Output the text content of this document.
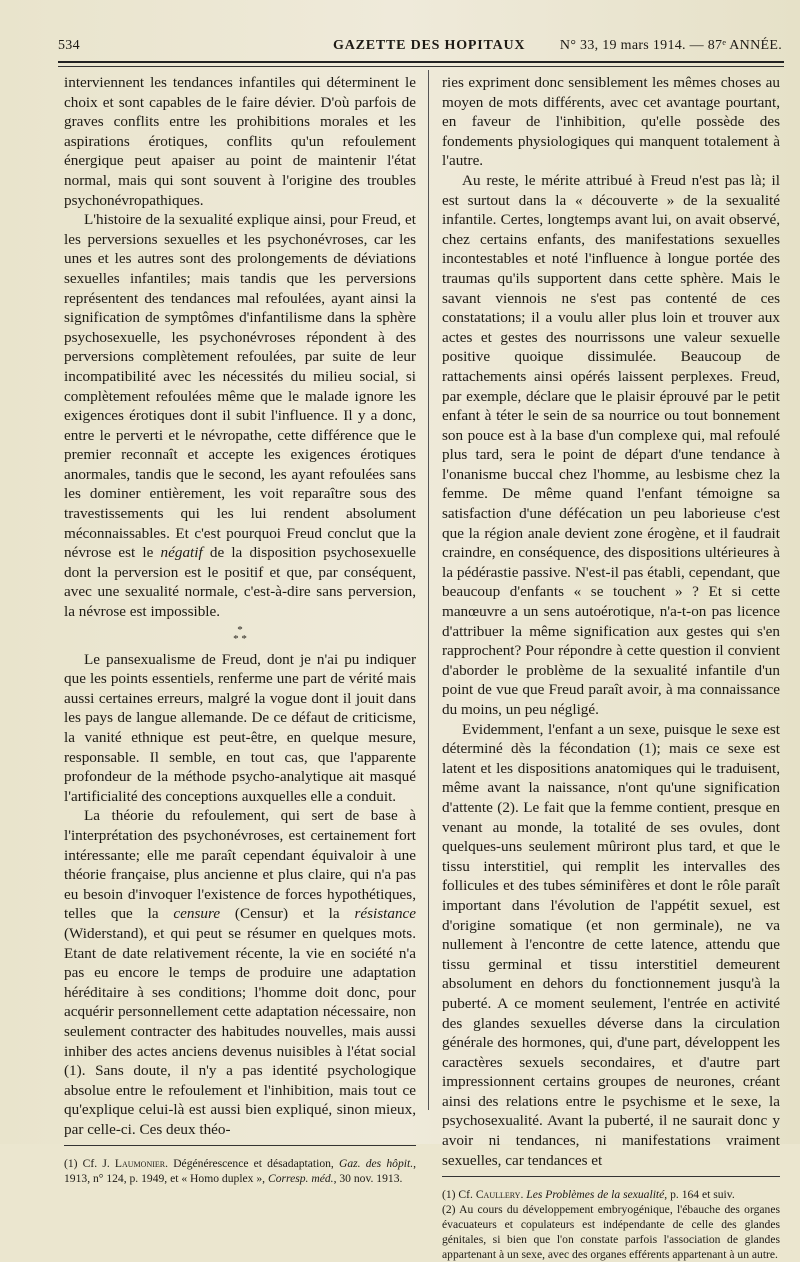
534	GAZETTE DES HOPITAUX N° 33, 19 mars 1914. — 87ᵉ ANNÉE.

interviennent les tendances infantiles qui déterminent le choix et sont capables de le faire dévier. D'où parfois de graves conflits entre les prohibitions morales et les aspirations érotiques, conflits qu'un refoulement énergique peut apaiser au point de maintenir l'état normal, mais qui sont souvent à l'origine des troubles psychonévropathiques.

L'histoire de la sexualité explique ainsi, pour Freud, et les perversions sexuelles et les psychonévroses, car les unes et les autres sont des prolongements de déviations sexuelles infantiles; mais tandis que les perversions représentent des tendances mal refoulées, ayant ainsi la signification de symptômes d'infantilisme dans la sphère psychosexuelle, les psychonévroses répondent à des perversions complètement refoulées, par suite de leur incompatibilité avec les nécessités du milieu social, si complètement refoulées même que le malade ignore les exigences érotiques dont il subit l'influence. Il y a donc, entre le perverti et le névropathe, cette différence que le premier reconnaît et accepte les exigences érotiques anormales, tandis que le second, les ayant refoulées sans les dominer entièrement, les voit reparaître sous des travestissements qui les lui rendent absolument méconnaissables. Et c'est pourquoi Freud conclut que la névrose est le négatif de la disposition psychosexuelle dont la perversion est le positif et que, par conséquent, avec une sexualité normale, c'est-à-dire sans perversion, la névrose est impossible.

*
* *

Le pansexualisme de Freud, dont je n'ai pu indiquer que les points essentiels, renferme une part de vérité mais aussi certaines erreurs, malgré la vogue dont il jouit dans les pays de langue allemande. De ce défaut de criticisme, la vanité ethnique est peut-être, en quelque mesure, responsable. Il semble, en tout cas, que l'apparente profondeur de la méthode psycho-analytique ait masqué l'artificialité des conceptions auxquelles elle a conduit.

La théorie du refoulement, qui sert de base à l'interprétation des psychonévroses, est certainement fort intéressante; elle me paraît cependant équivaloir à une théorie française, plus ancienne et plus claire, qui n'a pas eu besoin d'invoquer l'existence de forces hypothétiques, telles que la censure (Censur) et la résistance (Widerstand), et qui peut se résumer en quelques mots. Etant de date relativement récente, la vie en société n'a pas eu encore le temps de produire une adaptation héréditaire à ses conditions; l'homme doit donc, pour acquérir personnellement cette adaptation nécessaire, non seulement contracter des habitudes nouvelles, mais aussi inhiber des actes anciens devenus nuisibles à l'état social (1). Sans doute, il n'y a pas identité psychologique absolue entre le refoulement et l'inhibition, mais tout ce qu'explique celui-là est aussi bien expliqué, sinon mieux, par celle-ci. Ces deux théo-

(1) Cf. J. Laumonier. Dégénérescence et désadaptation, Gaz. des hôpit., 1913, n° 124, p. 1949, et « Homo duplex », Corresp. méd., 30 nov. 1913.

ries expriment donc sensiblement les mêmes choses au moyen de mots différents, avec cet avantage pourtant, en faveur de l'inhibition, qu'elle possède des fondements physiologiques qui manquent totalement à l'autre.

Au reste, le mérite attribué à Freud n'est pas là; il est surtout dans la « découverte » de la sexualité infantile. Certes, longtemps avant lui, on avait observé, chez certains enfants, des manifestations sexuelles incontestables et noté l'influence à longue portée des traumas qu'ils supportent dans cette sphère. Mais le savant viennois ne s'est pas contenté de ces constatations; il a voulu aller plus loin et trouver aux actes et gestes des nourrissons une valeur sexuelle positive quoique dissimulée. Beaucoup de rattachements ainsi opérés laissent perplexes. Freud, par exemple, déclare que le plaisir éprouvé par le petit enfant à téter le sein de sa nourrice ou tout bonnement son pouce est à la base d'un complexe qui, mal refoulé plus tard, sera le point de départ d'une tendance à l'onanisme buccal chez l'homme, au lesbisme chez la femme. De même quand l'enfant témoigne sa satisfaction d'une défécation un peu laborieuse c'est que la région anale devient zone érogène, et il faudrait craindre, en conséquence, des dispositions ultérieures à la pédérastie passive. N'est-il pas établi, cependant, que beaucoup d'enfants « se touchent » ? Et si cette manœuvre a un sens autoérotique, n'a-t-on pas licence d'attribuer la même signification aux gestes qui s'en rapprochent? Pour répondre à cette question il convient d'aborder le problème de la sexualité infantile d'un point de vue que Freud paraît avoir, à ma connaissance du moins, un peu négligé.

Evidemment, l'enfant a un sexe, puisque le sexe est déterminé dès la fécondation (1); mais ce sexe est latent et les dispositions anatomiques qui le traduisent, même avant la naissance, n'ont qu'une signification d'attente (2). Le fait que la femme contient, presque en venant au monde, la totalité de ses ovules, dont quelques-uns seulement mûriront plus tard, et que le tissu interstitiel, qui remplit les intervalles des follicules et des tubes séminifères et dont le rôle paraît important dans l'évolution de l'appétit sexuel, est d'origine somatique (et non germinale), ne va nullement à l'encontre de cette latence, attendu que tissu germinal et tissu interstitiel demeurent absolument en dehors du fonctionnement jusqu'à la puberté. A ce moment seulement, l'entrée en activité des glandes sexuelles déverse dans la circulation générale des hormones, qui, d'une part, développent les caractères sexuels secondaires, et d'autre part impressionnent certains groupes de neurones, créant ainsi des relations entre le psychisme et le sexe, la psychosexualité. Avant la puberté, il ne saurait donc y avoir ni tendances, ni manifestations vraiment sexuelles, car tendances et

(1) Cf. Caullery. Les Problèmes de la sexualité, p. 164 et suiv.

(2) Au cours du développement embryogénique, l'ébauche des organes évacuateurs et copulateurs est indépendante de celle des glandes génitales, si bien que l'on constate parfois l'association de glandes appartenant à un sexe, avec des organes efférents appartenant à un autre.
